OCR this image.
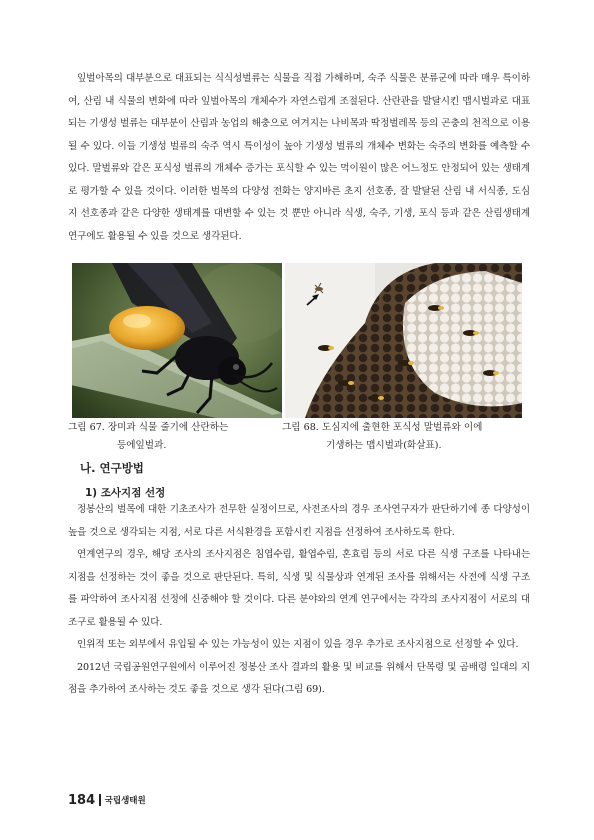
잎벌아목의 대부분으로 대표되는 식식성벌류는 식물을 직접 가해하며, 숙주 식물은 분류군에 따라 매우 특이하여, 산림 내 식물의 변화에 따라 잎벌아목의 개체수가 자연스럽게 조절된다. 산란관을 발달시킨 맵시벌과로 대표되는 기생성 벌류는 대부분이 산림과 농업의 해충으로 여겨지는 나비목과 딱정벌레목 등의 곤충의 천적으로 이용될 수 있다. 이들 기생성 벌류의 숙주 역시 특이성이 높아 기생성 벌류의 개체수 변화는 숙주의 변화를 예측할 수 있다. 말벌류와 같은 포식성 벌류의 개체수 증가는 포식할 수 있는 먹이원이 많은 어느정도 안정되어 있는 생태계로 평가할 수 있을 것이다. 이러한 벌목의 다양성 전화는 양지바른 초지 선호종, 잘 발달된 산림 내 서식종, 도심지 선호종과 같은 다양한 생태계를 대변할 수 있는 것 뿐만 아니라 식생, 숙주, 기생, 포식 등과 같은 산림생태계 연구에도 활용될 수 있을 것으로 생각된다.

그림 67. 장미과 식물 줄기에 산란하는
등에잎벌과.

그림 68. 도심지에 출현한 포식성 말벌류와 이에
기생하는 맵시벌과(화살표).

나. 연구방법
1) 조사지점 선정
정봉산의 벌목에 대한 기초조사가 전무한 실정이므로, 사전조사의 경우 조사연구자가 판단하기에 종 다양성이 높을 것으로 생각되는 지점, 서로 다른 서식환경을 포함시킨 지점을 선정하여 조사하도록 한다.
연계연구의 경우, 해당 조사의 조사지점은 침엽수림, 활엽수림, 혼효림 등의 서로 다른 식생 구조를 나타내는 지점을 선정하는 것이 좋을 것으로 판단된다. 특히, 식생 및 식물상과 연계된 조사를 위해서는 사전에 식생 구조를 파악하여 조사지점 선정에 신중해야 할 것이다. 다른 분야와의 연계 연구에서는 각각의 조사지점이 서로의 대조구로 활용될 수 있다.
인위적 또는 외부에서 유입될 수 있는 가능성이 있는 지점이 있을 경우 추가로 조사지점으로 선정할 수 있다.
2012년 국립공원연구원에서 이루어진 정봉산 조사 결과의 활용 및 비교를 위해서 단목령 및 곰배령 일대의 지점을 추가하여 조사하는 것도 좋을 것으로 생각 된다(그림 69).
184 국립생태원
